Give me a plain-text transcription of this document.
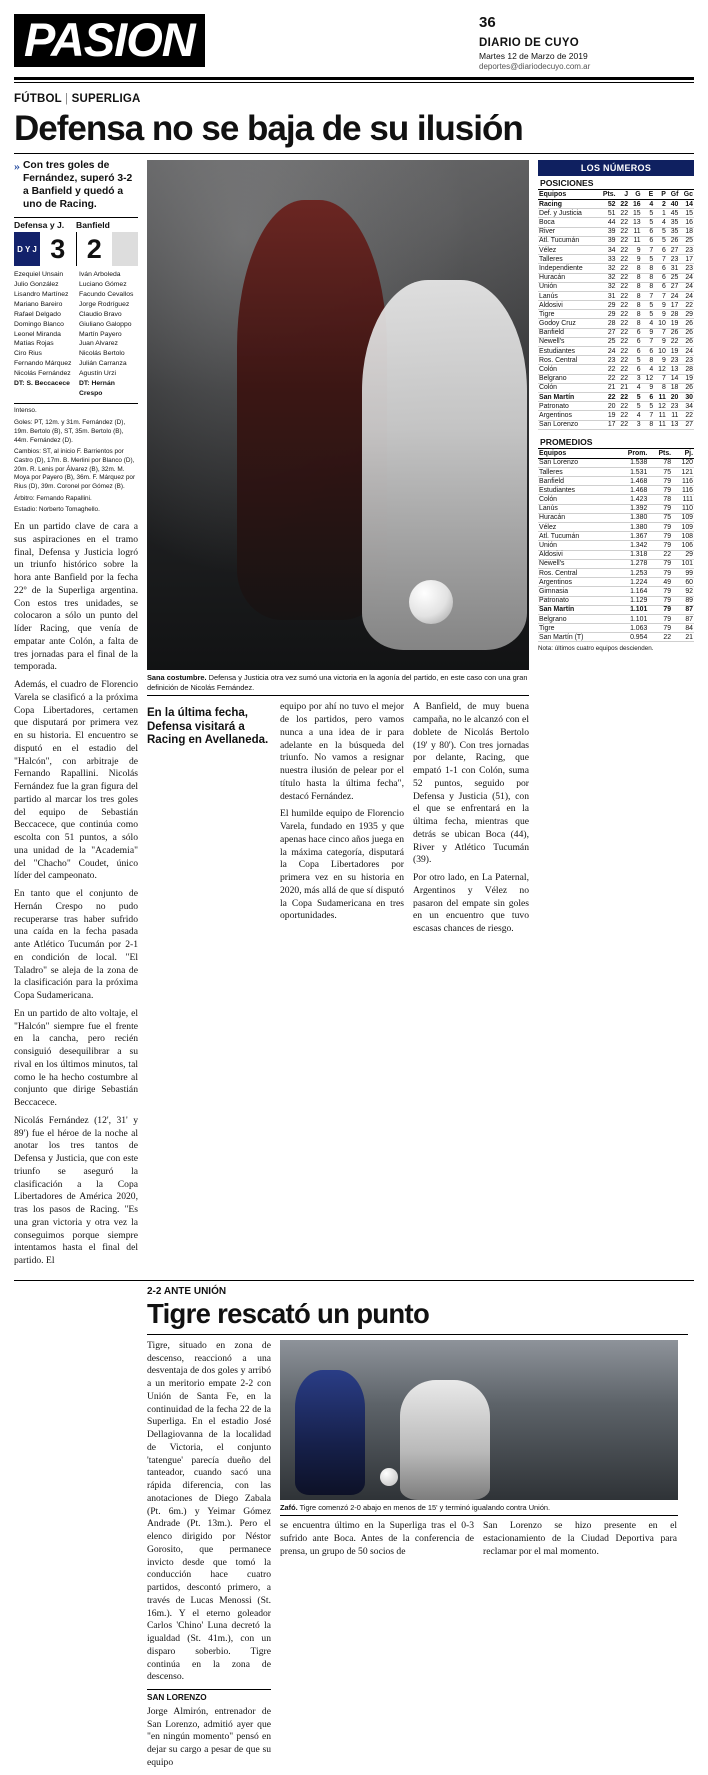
PASION	36
DIARIO DE CUYO
Martes 12 de Marzo de 2019
deportes@diariodecuyo.com.ar
FÚTBOL | SUPERLIGA
Defensa no se baja de su ilusión
» Con tres goles de Fernández, superó 3-2 a Banfield y quedó a uno de Racing.
Defensa y J.	Banfield
D Y J 3 2
Ezequiel Unsain
Julio González
Lisandro Martínez
Mariano Bareiro
Rafael Delgado
Domingo Blanco
Leonel Miranda
Matías Rojas
Ciro Rius
Fernando Márquez
Nicolás Fernández
DT: S. Beccacece
Iván Arboleda
Luciano Gómez
Facundo Cevallos
Jorge Rodríguez
Claudio Bravo
Giuliano Galoppo
Martín Payero
Juan Alvarez
Nicolás Bertolo
Julián Carranza
Agustín Urzi
DT: Hernán Crespo

Intenso.

Goles: PT, 12m. y 31m. Fernández (D), 19m. Bertolo (B), ST, 35m. Bertolo (B), 44m. Fernández (D).

Cambios: ST, al inicio F. Barrientos por Castro (D), 17m. B. Merlini por Blanco (D), 20m. R. Lenis por Álvarez (B), 32m. M. Moya por Payero (B), 36m. F. Márquez por Rius (D), 39m. Coronel por Gómez (B).

Árbitro: Fernando Rapallini.

Estadio: Norberto Tomaghello.

En un partido clave de cara a sus aspiraciones en el tramo final, Defensa y Justicia logró un triunfo histórico sobre la hora ante Banfield por la fecha 22º de la Superliga argentina. Con estos tres unidades, se colocaron a sólo un punto del líder Racing, que venía de empatar ante Colón, a falta de tres jornadas para el final de la temporada.

Además, el cuadro de Florencio Varela se clasificó a la próxima Copa Libertadores, certamen que disputará por primera vez en su historia. El encuentro se disputó en el estadio del "Halcón", con arbitraje de Fernando Rapallini. Nicolás Fernández fue la gran figura del partido al marcar los tres goles del equipo de Sebastián Beccacece, que continúa como escolta con 51 puntos, a sólo una unidad de la "Academia" del "Chacho" Coudet, único líder del campeonato.

En tanto que el conjunto de Hernán Crespo no pudo recuperarse tras haber sufrido una caída en la fecha pasada ante Atlético Tucumán por 2-1 en condición de local. "El Taladro" se aleja de la zona de la clasificación para la próxima Copa Sudamericana.

En un partido de alto voltaje, el "Halcón" siempre fue el frente en la cancha, pero recién consiguió desequilibrar a su rival en los últimos minutos, tal como le ha hecho costumbre al conjunto que dirige Sebastián Beccacece.

Nicolás Fernández (12', 31' y 89') fue el héroe de la noche al anotar los tres tantos de Defensa y Justicia, que con este triunfo se aseguró la clasificación a la Copa Libertadores de América 2020, tras los pasos de Racing. "Es una gran victoria y otra vez la conseguimos porque siempre intentamos hasta el final del partido. El

Sana costumbre. Defensa y Justicia otra vez sumó una victoria en la agonía del partido, en este caso con una gran definición de Nicolás Fernández.
En la última fecha, Defensa visitará a Racing en Avellaneda.

equipo por ahí no tuvo el mejor de los partidos, pero vamos nunca a una idea de ir para adelante en la búsqueda del triunfo. No vamos a resignar nuestra ilusión de pelear por el título hasta la última fecha", destacó Fernández.

El humilde equipo de Florencio Varela, fundado en 1935 y que apenas hace cinco años juega en la máxima categoría, disputará la Copa Libertadores por primera vez en su historia en 2020, más allá de que sí disputó la Copa Sudamericana en tres oportunidades.

A Banfield, de muy buena campaña, no le alcanzó con el doblete de Nicolás Bertolo (19' y 80'). Con tres jornadas por delante, Racing, que empató 1-1 con Colón, suma 52 puntos, seguido por Defensa y Justicia (51), con el que se enfrentará en la última fecha, mientras que detrás se ubican Boca (44), River y Atlético Tucumán (39).

Por otro lado, en La Paternal, Argentinos y Vélez no pasaron del empate sin goles en un encuentro que tuvo escasas chances de riesgo.

LOS NÚMEROS
POSICIONES
Equipos	Pts.	J	G	E	P	Gf	Gc
Racing	52	22	16	4	2	40	14
Def. y Justicia	51	22	15	5	1	45	15
Boca	44	22	13	5	4	35	16
River	39	22	11	6	5	35	18
Atl. Tucumán	39	22	11	6	5	26	25
Vélez	34	22	9	7	6	27	23
Talleres	33	22	9	5	7	23	17
Independiente	32	22	8	8	6	31	23
Huracán	32	22	8	8	6	25	24
Unión	32	22	8	8	6	27	24
Lanús	31	22	8	7	7	24	24
Aldosivi	29	22	8	5	9	17	22
Tigre	29	22	8	5	9	28	29
Godoy Cruz	28	22	8	4	10	19	26
Banfield	27	22	6	9	7	26	26
Newell's	25	22	6	7	9	22	26
Estudiantes	24	22	6	6	10	19	24
Ros. Central	23	22	5	8	9	23	23
Colón	22	22	6	4	12	13	28
Belgrano	22	22	3	12	7	14	19
Colón	21	21	4	9	8	18	26
San Martín	22	22	5	6	11	20	30
Patronato	20	22	5	5	12	23	34
Argentinos	19	22	4	7	11	11	22
San Lorenzo	17	22	3	8	11	13	27
PROMEDIOS
Equipos	Prom.	Pts.	Pj.
San Lorenzo	1.538	78	120
Talleres	1.531	75	121
Banfield	1.468	79	116
Estudiantes	1.468	79	116
Colón	1.423	78	111
Lanús	1.392	79	110
Huracán	1.380	75	109
Vélez	1.380	79	109
Atl. Tucumán	1.367	79	108
Unión	1.342	79	106
Aldosivi	1.318	22	29
Newell's	1.278	79	101
Ros. Central	1.253	79	99
Argentinos	1.224	49	60
Gimnasia	1.164	79	92
Patronato	1.129	79	89
San Martín	1.101	79	87
Belgrano	1.101	79	87
Tigre	1.063	79	84
San Martín (T)	0.954	22	21
Nota: últimos cuatro equipos descienden.
2-2 ANTE UNIÓN
Tigre rescató un punto

Tigre, situado en zona de descenso, reaccionó a una desventaja de dos goles y arribó a un meritorio empate 2-2 con Unión de Santa Fe, en la continuidad de la fecha 22 de la Superliga. En el estadio José Dellagiovanna de la localidad de Victoria, el conjunto 'tatengue' parecía dueño del tanteador, cuando sacó una rápida diferencia, con las anotaciones de Diego Zabala (Pt. 6m.) y Yeimar Gómez Andrade (Pt. 13m.). Pero el elenco dirigido por Néstor Gorosito, que permanece invicto desde que tomó la conducción hace cuatro partidos, descontó primero, a través de Lucas Menossi (St. 16m.). Y el eterno goleador Carlos 'Chino' Luna decretó la igualdad (St. 41m.), con un disparo soberbio. Tigre continúa en la zona de descenso.

SAN LORENZO

Jorge Almirón, entrenador de San Lorenzo, admitió ayer que "en ningún momento" pensó en dejar su cargo a pesar de que su equipo

Zafó. Tigre comenzó 2-0 abajo en menos de 15' y terminó igualando contra Unión.

se encuentra último en la Superliga tras el 0-3 sufrido ante Boca. Antes de la conferencia de prensa, un grupo de 50 socios de

San Lorenzo se hizo presente en el estacionamiento de la Ciudad Deportiva para reclamar por el mal momento.
